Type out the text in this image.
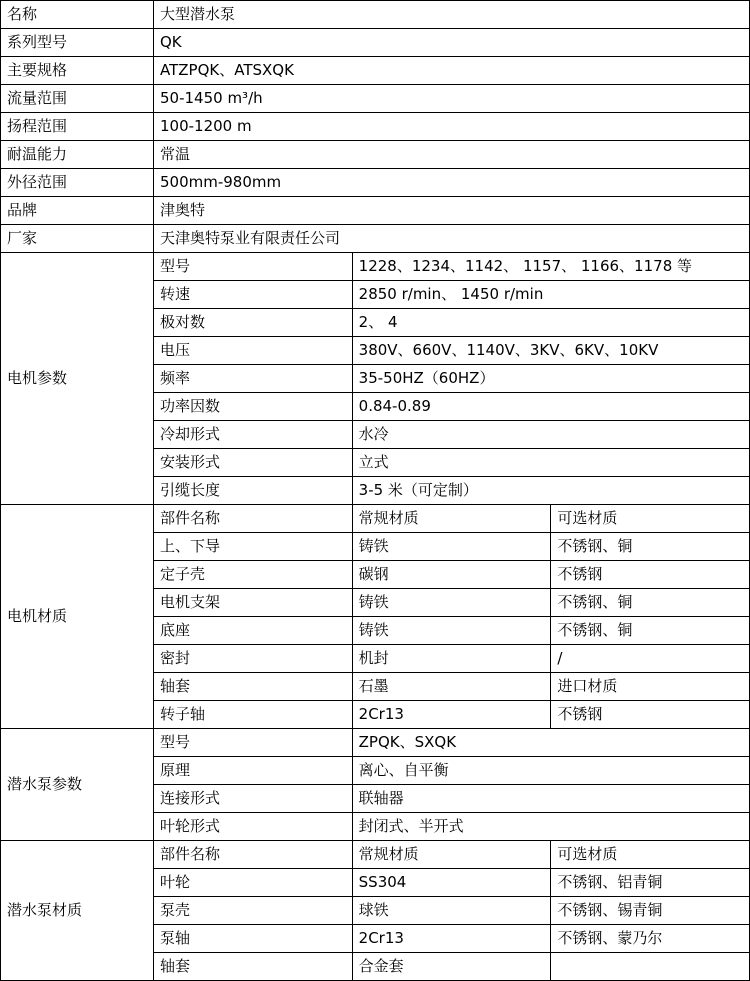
名称	大型潜水泵		
系列型号	QK		
主要规格	ATZPQK、ATSXQK		
流量范围	50-1450 m³/h		
扬程范围	100-1200 m		
耐温能力	常温		
外径范围	500mm-980mm		
品牌	津奥特		
厂家	天津奥特泵业有限责任公司		
电机参数	型号	1228、1234、1142、 1157、 1166、1178 等	
	转速	2850 r/min、 1450 r/min	
	极对数	2、 4	
	电压	380V、660V、1140V、3KV、6KV、10KV	
	频率	35-50HZ（60HZ）	
	功率因数	0.84-0.89	
	冷却形式	水冷	
	安装形式	立式	
	引缆长度	3-5 米（可定制）	
电机材质	部件名称	常规材质	可选材质
	上、下导	铸铁	不锈钢、铜
	定子壳	碳钢	不锈钢
	电机支架	铸铁	不锈钢、铜
	底座	铸铁	不锈钢、铜
	密封	机封	/
	轴套	石墨	进口材质
	转子轴	2Cr13	不锈钢
潜水泵参数	型号	ZPQK、SXQK	
	原理	离心、自平衡	
	连接形式	联轴器	
	叶轮形式	封闭式、半开式	
潜水泵材质	部件名称	常规材质	可选材质
	叶轮	SS304	不锈钢、铝青铜
	泵壳	球铁	不锈钢、锡青铜
	泵轴	2Cr13	不锈钢、蒙乃尔
	轴套	合金套	
